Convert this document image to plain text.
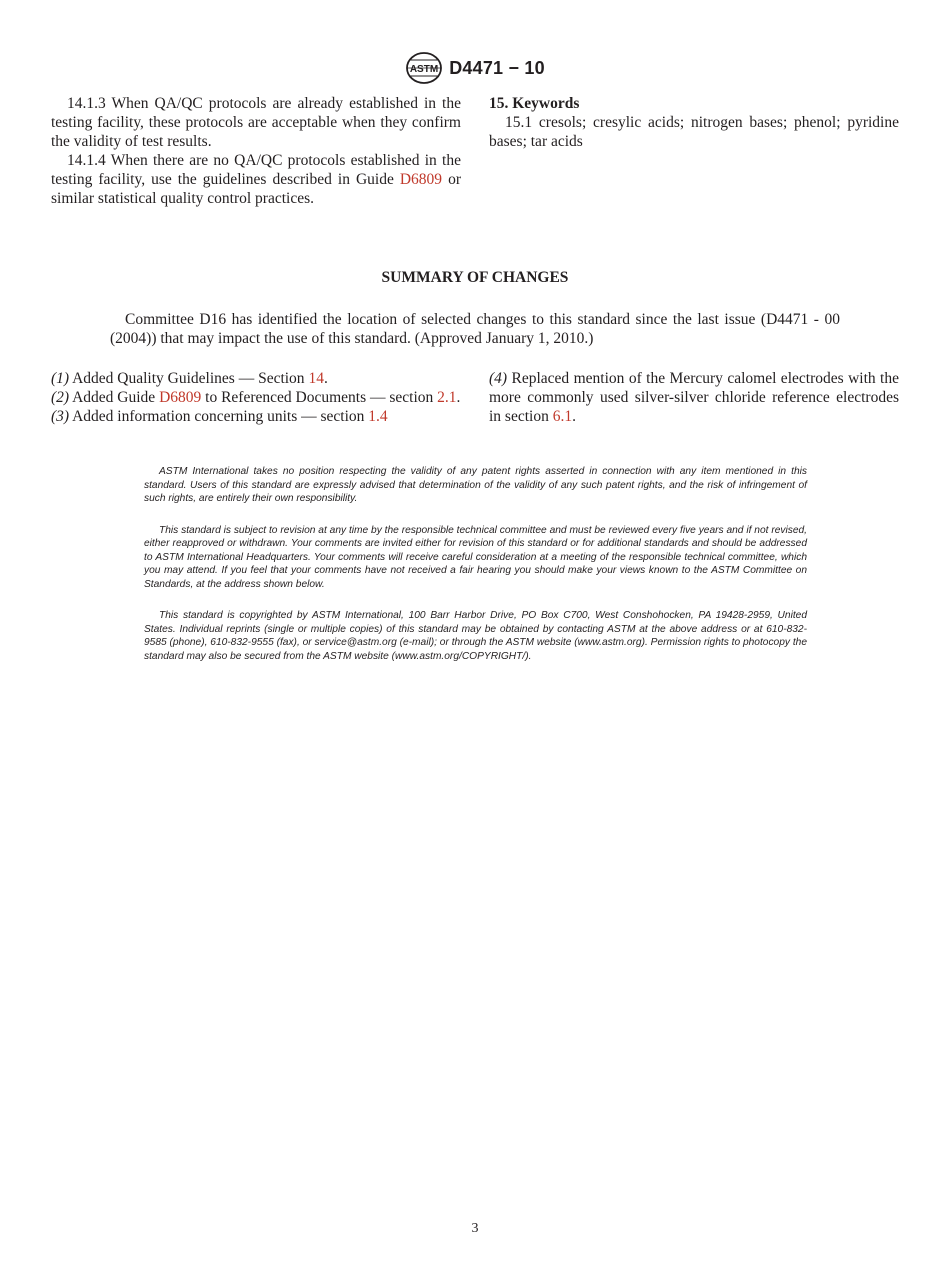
ASTM D4471 − 10

14.1.3 When QA/QC protocols are already established in the testing facility, these protocols are acceptable when they confirm the validity of test results.

14.1.4 When there are no QA/QC protocols established in the testing facility, use the guidelines described in Guide D6809 or similar statistical quality control practices.

15. Keywords

15.1 cresols; cresylic acids; nitrogen bases; phenol; pyridine bases; tar acids

SUMMARY OF CHANGES
Committee D16 has identified the location of selected changes to this standard since the last issue (D4471 - 00 (2004)) that may impact the use of this standard. (Approved January 1, 2010.)

(1) Added Quality Guidelines — Section 14.

(2) Added Guide D6809 to Referenced Documents — section 2.1.

(3) Added information concerning units — section 1.4

(4) Replaced mention of the Mercury calomel electrodes with the more commonly used silver-silver chloride reference electrodes in section 6.1.

ASTM International takes no position respecting the validity of any patent rights asserted in connection with any item mentioned in this standard. Users of this standard are expressly advised that determination of the validity of any such patent rights, and the risk of infringement of such rights, are entirely their own responsibility.

This standard is subject to revision at any time by the responsible technical committee and must be reviewed every five years and if not revised, either reapproved or withdrawn. Your comments are invited either for revision of this standard or for additional standards and should be addressed to ASTM International Headquarters. Your comments will receive careful consideration at a meeting of the responsible technical committee, which you may attend. If you feel that your comments have not received a fair hearing you should make your views known to the ASTM Committee on Standards, at the address shown below.

This standard is copyrighted by ASTM International, 100 Barr Harbor Drive, PO Box C700, West Conshohocken, PA 19428-2959, United States. Individual reprints (single or multiple copies) of this standard may be obtained by contacting ASTM at the above address or at 610-832-9585 (phone), 610-832-9555 (fax), or service@astm.org (e-mail); or through the ASTM website (www.astm.org). Permission rights to photocopy the standard may also be secured from the ASTM website (www.astm.org/COPYRIGHT/).

3
